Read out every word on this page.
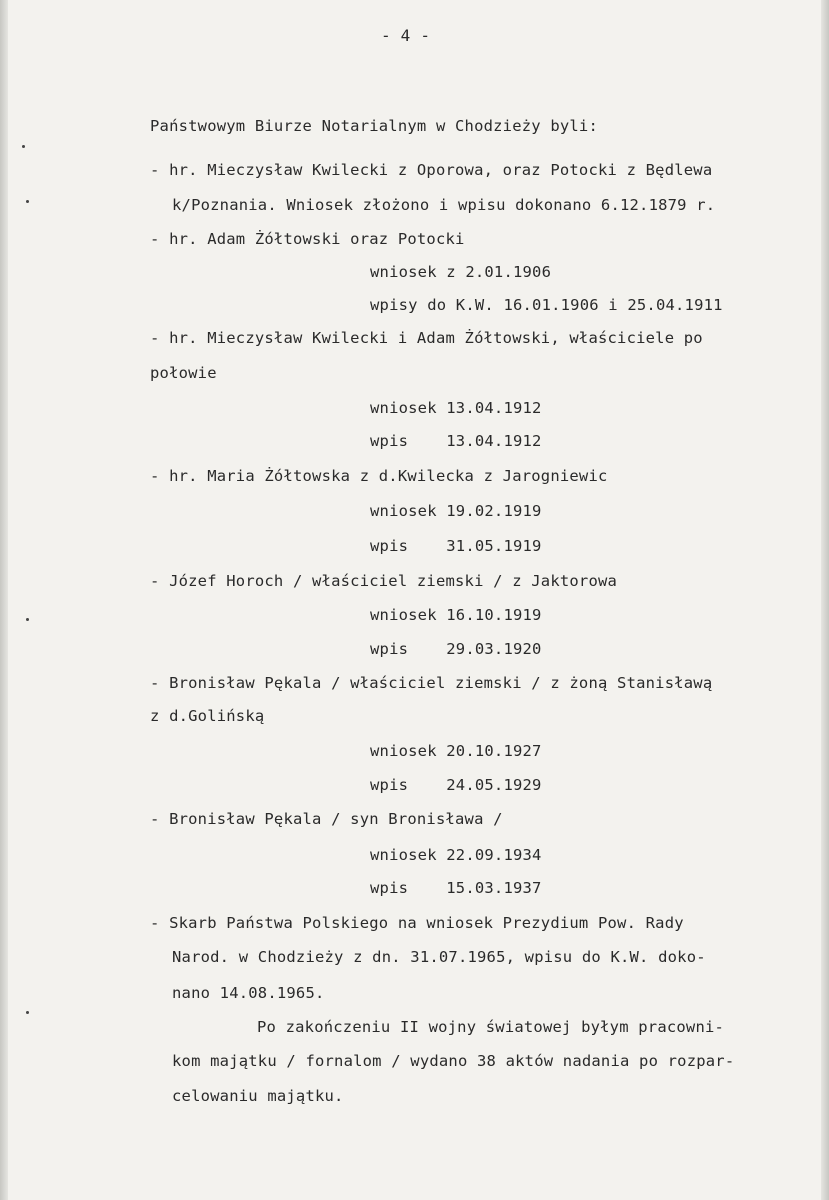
- 4 -
Państwowym Biurze Notarialnym w Chodzieży byli:
- hr. Mieczysław Kwilecki z Oporowa, oraz Potocki z Będlewa
k/Poznania. Wniosek złożono i wpisu dokonano 6.12.1879 r.
- hr. Adam Żółtowski oraz Potocki
wniosek z 2.01.1906
wpisy do K.W. 16.01.1906 i 25.04.1911
- hr. Mieczysław Kwilecki i Adam Żółtowski, właściciele po
połowie
wniosek 13.04.1912
wpis    13.04.1912
- hr. Maria Żółtowska z d.Kwilecka z Jarogniewic
wniosek 19.02.1919
wpis    31.05.1919
- Józef Horoch / właściciel ziemski / z Jaktorowa
wniosek 16.10.1919
wpis    29.03.1920
- Bronisław Pękala / właściciel ziemski / z żoną Stanisławą
z d.Golińską
wniosek 20.10.1927
wpis    24.05.1929
- Bronisław Pękala / syn Bronisława /
wniosek 22.09.1934
wpis    15.03.1937
- Skarb Państwa Polskiego na wniosek Prezydium Pow. Rady
Narod. w Chodzieży z dn. 31.07.1965, wpisu do K.W. doko-
nano 14.08.1965.
Po zakończeniu II wojny światowej byłym pracowni-
kom majątku / fornalom / wydano 38 aktów nadania po rozpar-
celowaniu majątku.
